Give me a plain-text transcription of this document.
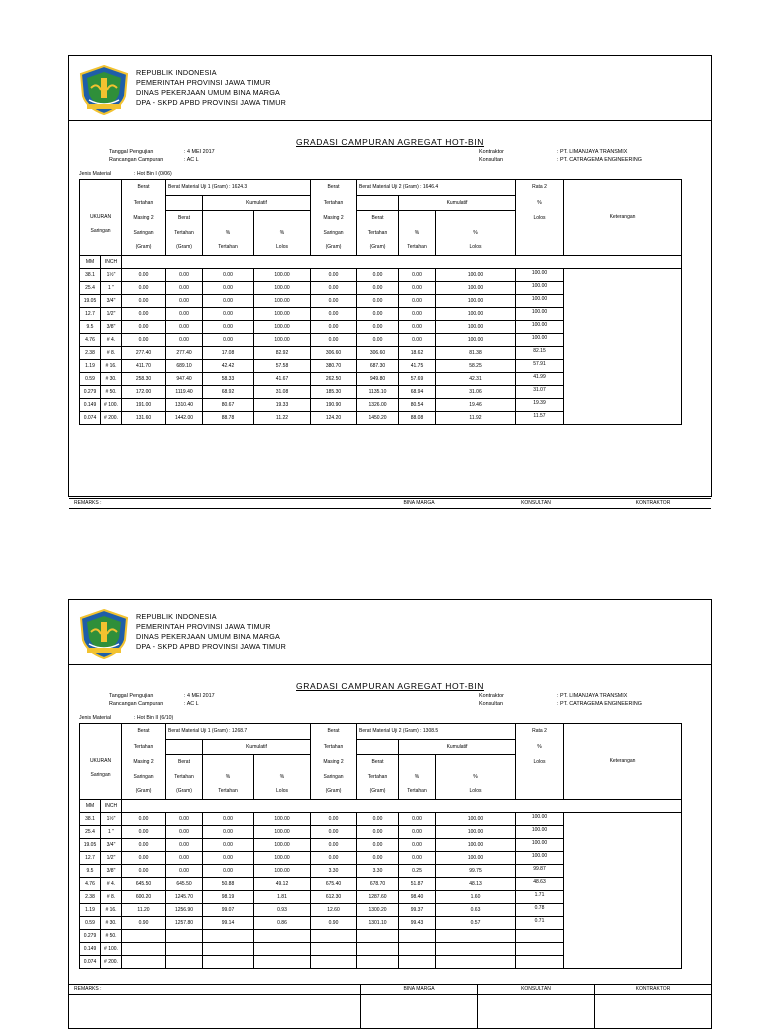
REPUBLIK INDONESIA
PEMERINTAH PROVINSI JAWA TIMUR
DINAS PEKERJAAN UMUM BINA MARGA
DPA - SKPD APBD PROVINSI JAWA TIMUR
GRADASI CAMPURAN AGREGAT HOT-BIN
Tanggal Pengujian	: 4 MEI 2017
Rancangan Campuran	: AC L
Kontraktor	: PT. LIMANJAYA TRANSMIX
Konsultan	: PT. CATRAGEMA ENGINEERING
Jenis Material	: Hot Bin I (0/06)
UKURAN
Saringan		Berat	Berat Material Uji 1 (Gram) : 1624.3			Berat	Berat Material Uji 2 (Gram) : 1646.4			Rata 2	Keterangan
		Tertahan		Kumulatif		Tertahan		Kumulatif		%	
		Masing 2	Berat			Masing 2	Berat			Lolos	
		Saringan	Tertahan	%	%	Saringan	Tertahan	%	%		
		(Gram)	(Gram)	Tertahan	Lolos	(Gram)	(Gram)	Tertahan	Lolos		
MM	INCH										
38.1	1½"	0.00	0.00	0.00	100.00	0.00	0.00	0.00	100.00	100.00	
25.4	1 "	0.00	0.00	0.00	100.00	0.00	0.00	0.00	100.00	100.00	
19.05	3/4"	0.00	0.00	0.00	100.00	0.00	0.00	0.00	100.00	100.00	
12.7	1/2"	0.00	0.00	0.00	100.00	0.00	0.00	0.00	100.00	100.00	
9.5	3/8"	0.00	0.00	0.00	100.00	0.00	0.00	0.00	100.00	100.00	
4.76	# 4.	0.00	0.00	0.00	100.00	0.00	0.00	0.00	100.00	100.00	
2.38	# 8.	277.40	277.40	17.08	82.92	306.60	306.60	18.62	81.38	82.15	
1.19	# 16.	411.70	689.10	42.42	57.58	380.70	687.30	41.75	58.25	57.91	
0.59	# 30.	258.30	947.40	58.33	41.67	262.50	949.80	57.69	42.31	41.99	
0.279	# 50.	172.00	1119.40	68.92	31.08	185.30	1135.10	68.94	31.06	31.07	
0.149	# 100.	191.00	1310.40	80.67	19.33	190.90	1326.00	80.54	19.46	19.39	
0.074	# 200.	131.60	1442.00	88.78	11.22	124.20	1450.20	88.08	11.92	11.57	
REMARKS :	BINA MARGA	KONSULTAN	KONTRAKTOR
REPUBLIK INDONESIA
PEMERINTAH PROVINSI JAWA TIMUR
DINAS PEKERJAAN UMUM BINA MARGA
DPA - SKPD APBD PROVINSI JAWA TIMUR
GRADASI CAMPURAN AGREGAT HOT-BIN
Tanggal Pengujian	: 4 MEI 2017
Rancangan Campuran	: AC L
Kontraktor	: PT. LIMANJAYA TRANSMIX
Konsultan	: PT. CATRAGEMA ENGINEERING
Jenis Material	: Hot Bin II (6/10)
UKURAN
Saringan		Berat	Berat Material Uji 1 (Gram) : 1268.7			Berat	Berat Material Uji 2 (Gram) : 1308.5			Rata 2	Keterangan
		Tertahan		Kumulatif		Tertahan		Kumulatif		%	
		Masing 2	Berat			Masing 2	Berat			Lolos	
		Saringan	Tertahan	%	%	Saringan	Tertahan	%	%		
		(Gram)	(Gram)	Tertahan	Lolos	(Gram)	(Gram)	Tertahan	Lolos		
MM	INCH										
38.1	1½"	0.00	0.00	0.00	100.00	0.00	0.00	0.00	100.00	100.00	
25.4	1 "	0.00	0.00	0.00	100.00	0.00	0.00	0.00	100.00	100.00	
19.05	3/4"	0.00	0.00	0.00	100.00	0.00	0.00	0.00	100.00	100.00	
12.7	1/2"	0.00	0.00	0.00	100.00	0.00	0.00	0.00	100.00	100.00	
9.5	3/8"	0.00	0.00	0.00	100.00	3.30	3.30	0.25	99.75	99.87	
4.76	# 4.	645.50	645.50	50.88	49.12	675.40	678.70	51.87	48.13	48.63	
2.38	# 8.	600.20	1245.70	98.19	1.81	612.30	1287.60	98.40	1.60	1.71	
1.19	# 16.	11.20	1256.90	99.07	0.93	12.60	1300.20	99.37	0.63	0.78	
0.59	# 30.	0.90	1257.80	99.14	0.86	0.90	1301.10	99.43	0.57	0.71	
0.279	# 50.										
0.149	# 100.										
0.074	# 200.										
REMARKS :	BINA MARGA	KONSULTAN	KONTRAKTOR
